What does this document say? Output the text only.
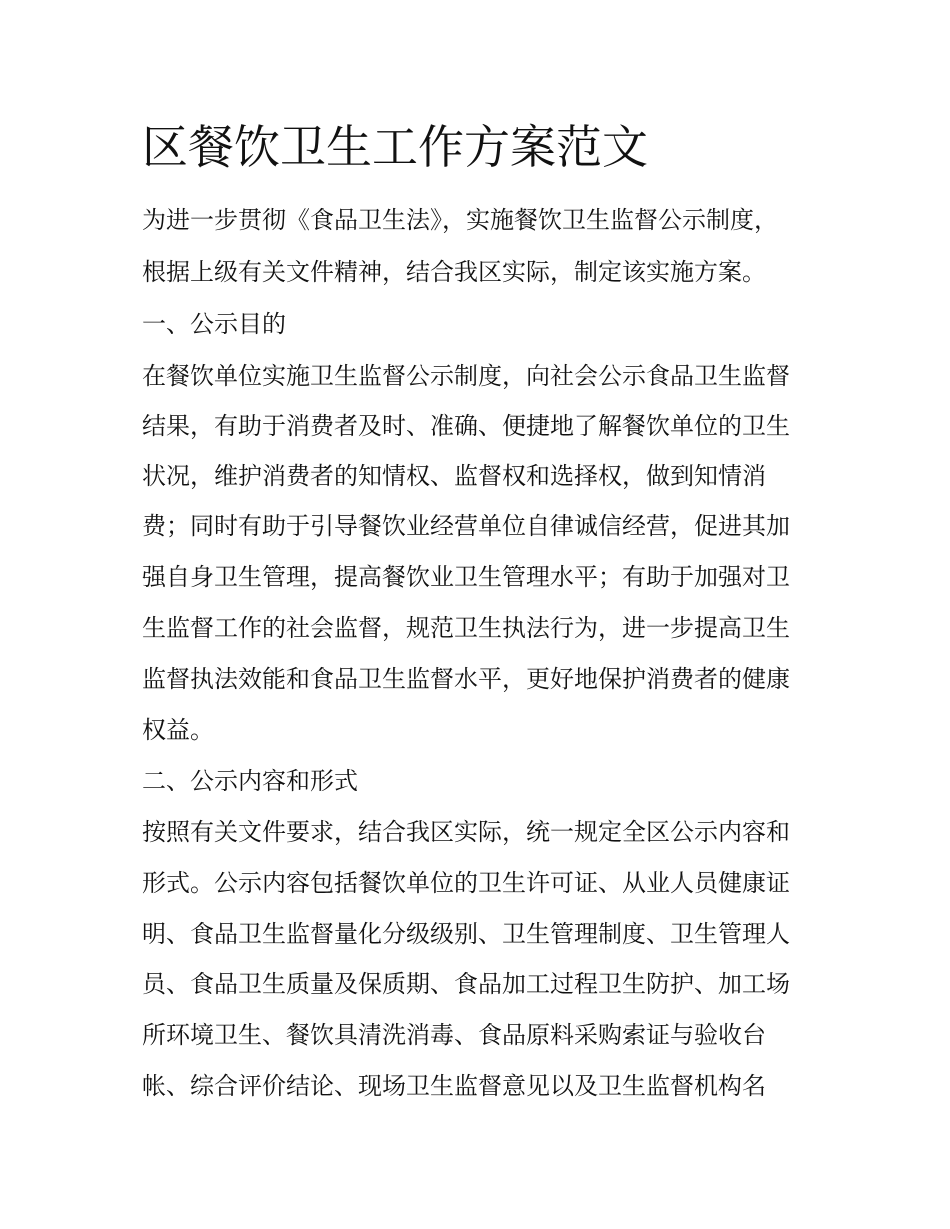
区餐饮卫生工作方案范文
为进一步贯彻《食品卫生法》，实施餐饮卫生监督公示制度，
根据上级有关文件精神，结合我区实际，制定该实施方案。
一、公示目的
在餐饮单位实施卫生监督公示制度，向社会公示食品卫生监督
结果，有助于消费者及时、准确、便捷地了解餐饮单位的卫生
状况，维护消费者的知情权、监督权和选择权，做到知情消
费；同时有助于引导餐饮业经营单位自律诚信经营，促进其加
强自身卫生管理，提高餐饮业卫生管理水平；有助于加强对卫
生监督工作的社会监督，规范卫生执法行为，进一步提高卫生
监督执法效能和食品卫生监督水平，更好地保护消费者的健康
权益。
二、公示内容和形式
按照有关文件要求，结合我区实际，统一规定全区公示内容和
形式。公示内容包括餐饮单位的卫生许可证、从业人员健康证
明、食品卫生监督量化分级级别、卫生管理制度、卫生管理人
员、食品卫生质量及保质期、食品加工过程卫生防护、加工场
所环境卫生、餐饮具清洗消毒、食品原料采购索证与验收台
帐、综合评价结论、现场卫生监督意见以及卫生监督机构名
